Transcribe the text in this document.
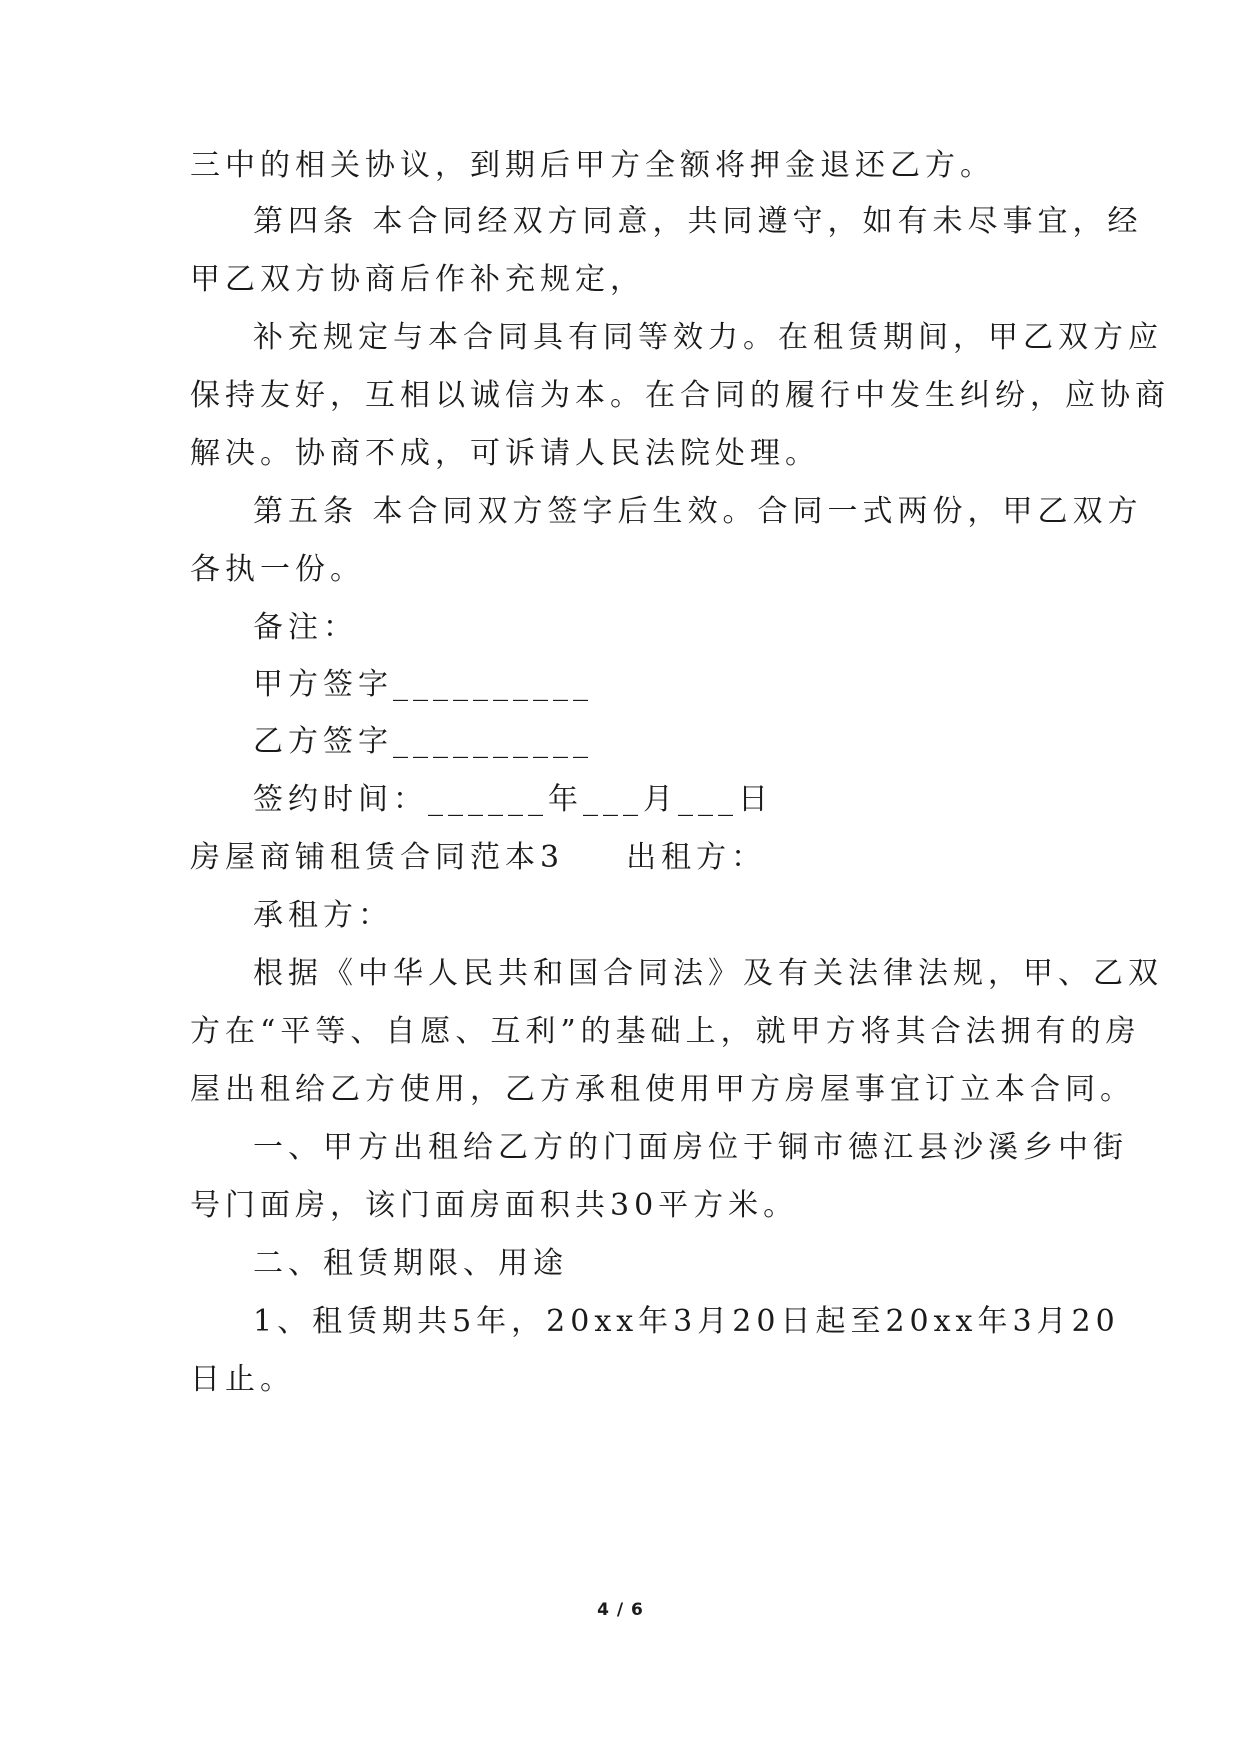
三中的相关协议，到期后甲方全额将押金退还乙方。
第四条 本合同经双方同意，共同遵守，如有未尽事宜，经
甲乙双方协商后作补充规定，
补充规定与本合同具有同等效力。在租赁期间，甲乙双方应
保持友好，互相以诚信为本。在合同的履行中发生纠纷，应协商
解决。协商不成，可诉请人民法院处理。
第五条 本合同双方签字后生效。合同一式两份，甲乙双方
各执一份。
备注：
甲方签字__________
乙方签字__________
签约时间：______年___月___日
房屋商铺租赁合同范本3 出租方：
承租方：
根据《中华人民共和国合同法》及有关法律法规，甲、乙双
方在“平等、自愿、互利”的基础上，就甲方将其合法拥有的房
屋出租给乙方使用，乙方承租使用甲方房屋事宜订立本合同。
一、甲方出租给乙方的门面房位于铜市德江县沙溪乡中街
号门面房，该门面房面积共30平方米。
二、租赁期限、用途
1、租赁期共5年，20xx年3月20日起至20xx年3月20
日止。
4 / 6
